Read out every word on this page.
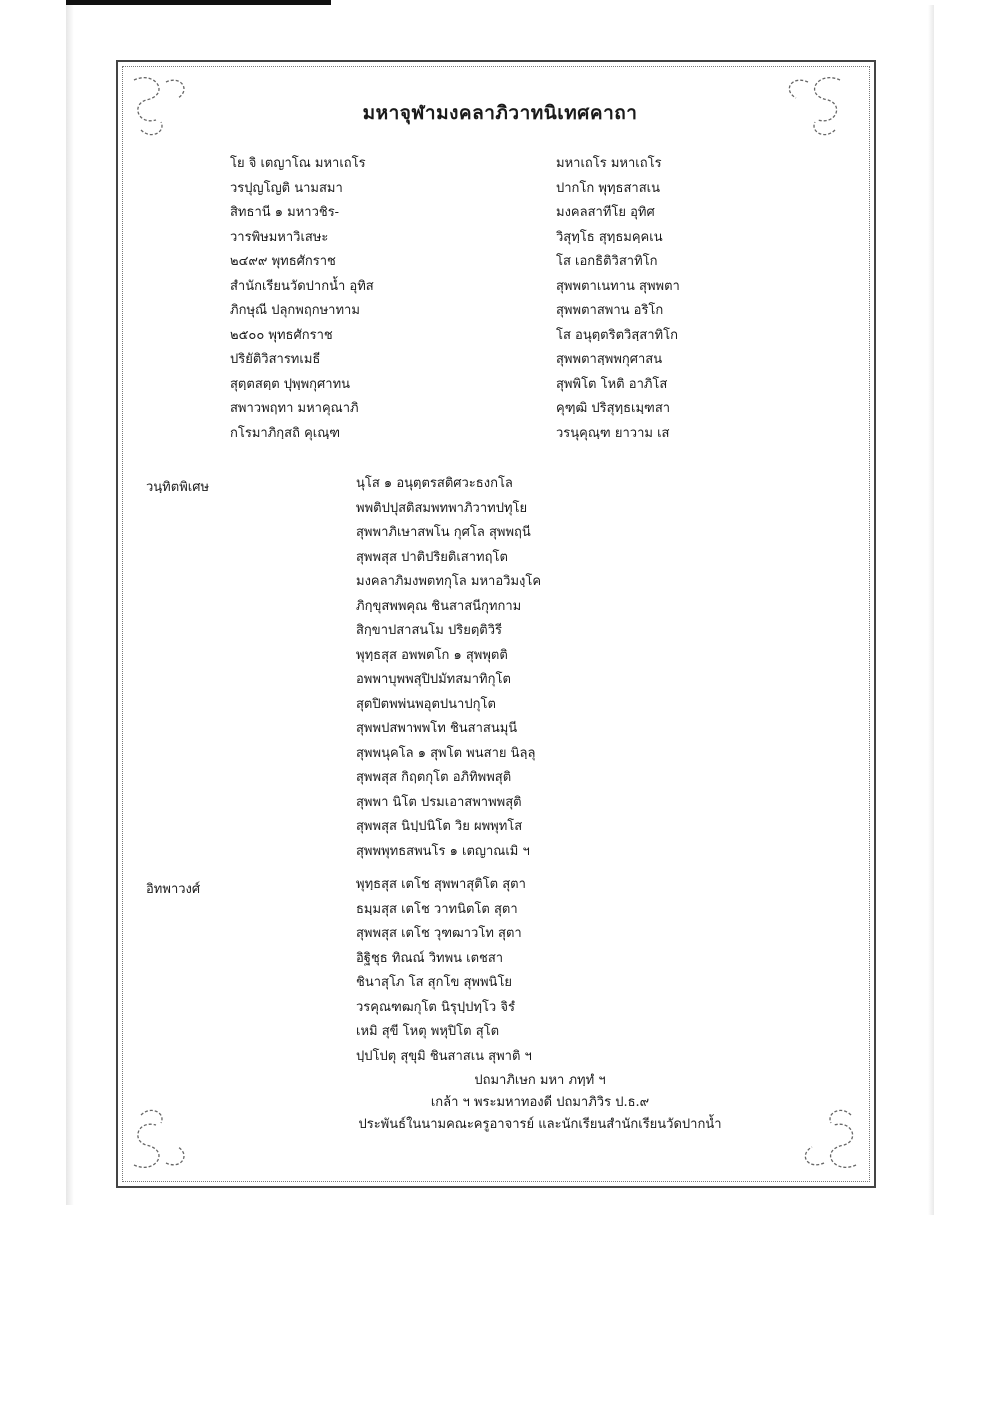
มหาจุฬามงคลาภิวาทนิเทศคาถา
โย จิ เตญาโณ มหาเถโร
วรปุญโญติ นามสมา
สิทธานี ๑ มหาวชิร-
วารพิษมหาวิเสษะ
๒๔๙๙ พุทธศักราช
สำนักเรียนวัดปากน้ำ อุทิส
ภิกษุณี ปลุกพฤกษาทาม
๒๕๐๐ พุทธศักราช
ปริยัติวิสารทเมธี
สุตฺตสตฺต ปุพฺพกุศาทน
สพาวพฤทา มหาคุณาภิ
กโรมาภิกฺสถิ คุเณฺฑ
มหาเถโร มหาเถโร
ปากโก พุทฺธสาสเน
มงคลสาทีโย อุทิศ
วิสุทฺโธ สุทฺธมคฺคเน
โส เอกธิติวิสาทิโก
สุพพตาเนทาน สุพพตา
สุพพตาสพาน อริโก
โส อนุตฺตริตวิสฺสาทิโก
สุพพตาสฺพพกุศาสน
สุพพิโต โหติ อาภิโส
คุฑฺฒิ ปริสุทฺธเมฺฑสา
วรนุคุณฺฑ ยาวาม เส
วนฺทิตพิเศษ	นุโส ๑ อนุตฺตรสติศวะธงกโล
พพติปปุสติสมพทพาภิวาทปทุโย
สุพพาภิเษาสพโน กุศโล สุพพฤนี
สุพพสุส ปาติปริยติเสาทฤโต
มงคลาภิมงพตทกุโล มหาอวิมงฺโค
ภิกฺขุสพพคุณ ชินสาสนีกุทกาม
สิกฺขาปสาสนโม ปริยตฺติวิรี
พุทฺธสุส อพพตโก ๑ สุพพุตติ
อพพาบุพพสุปิปมัทสมาทิกุโต
สุตปิตพพ่นพอุตปนาปกุโต
สุพพปสพาพพโท ชินสาสนมุนี
สุพพนุคโล ๑ สุพโต พนสาย นิลฺลุ
สุพพสุส กิฤตกุโต อภิทิพพสุติ
สุพพา นิโต ปรมเอาสพาพพสุติ
สุพพสุส นิปฺปนิโต วิย ผพพุทโส
สุพพพุทธสพนโร ๑ เตญาณเมิ ฯ
อิทพาวงศ์	พุทฺธสุส เตโช สุพพาสุติโต สุตา
ธมฺมสุส เตโช วาทนิตโต สุตา
สุพพสุส เตโช วุฑฒาวโท สุตา
อิฐิชุธ ทิณณ์ วิทพน เตชสา
ชินาสุโภ โส สุกโข สุพพนิโย
วรคุณฑฒกุโต นิรุปฺปทฺโว จิรํ
เหมิ สุขี โหตุ พหุปิโต สุโต
ปฺปโปตุ สุขุมิ ชินสาสเน สุพาติ ฯ
ปถมาภิเษก มหา ภทฺทํ ฯ
เกล้า ฯ พระมหาทองดี ปถมาภิวิร ป.ธ.๙
ประพันธ์ในนามคณะครูอาจารย์ และนักเรียนสำนักเรียนวัดปากน้ำ
